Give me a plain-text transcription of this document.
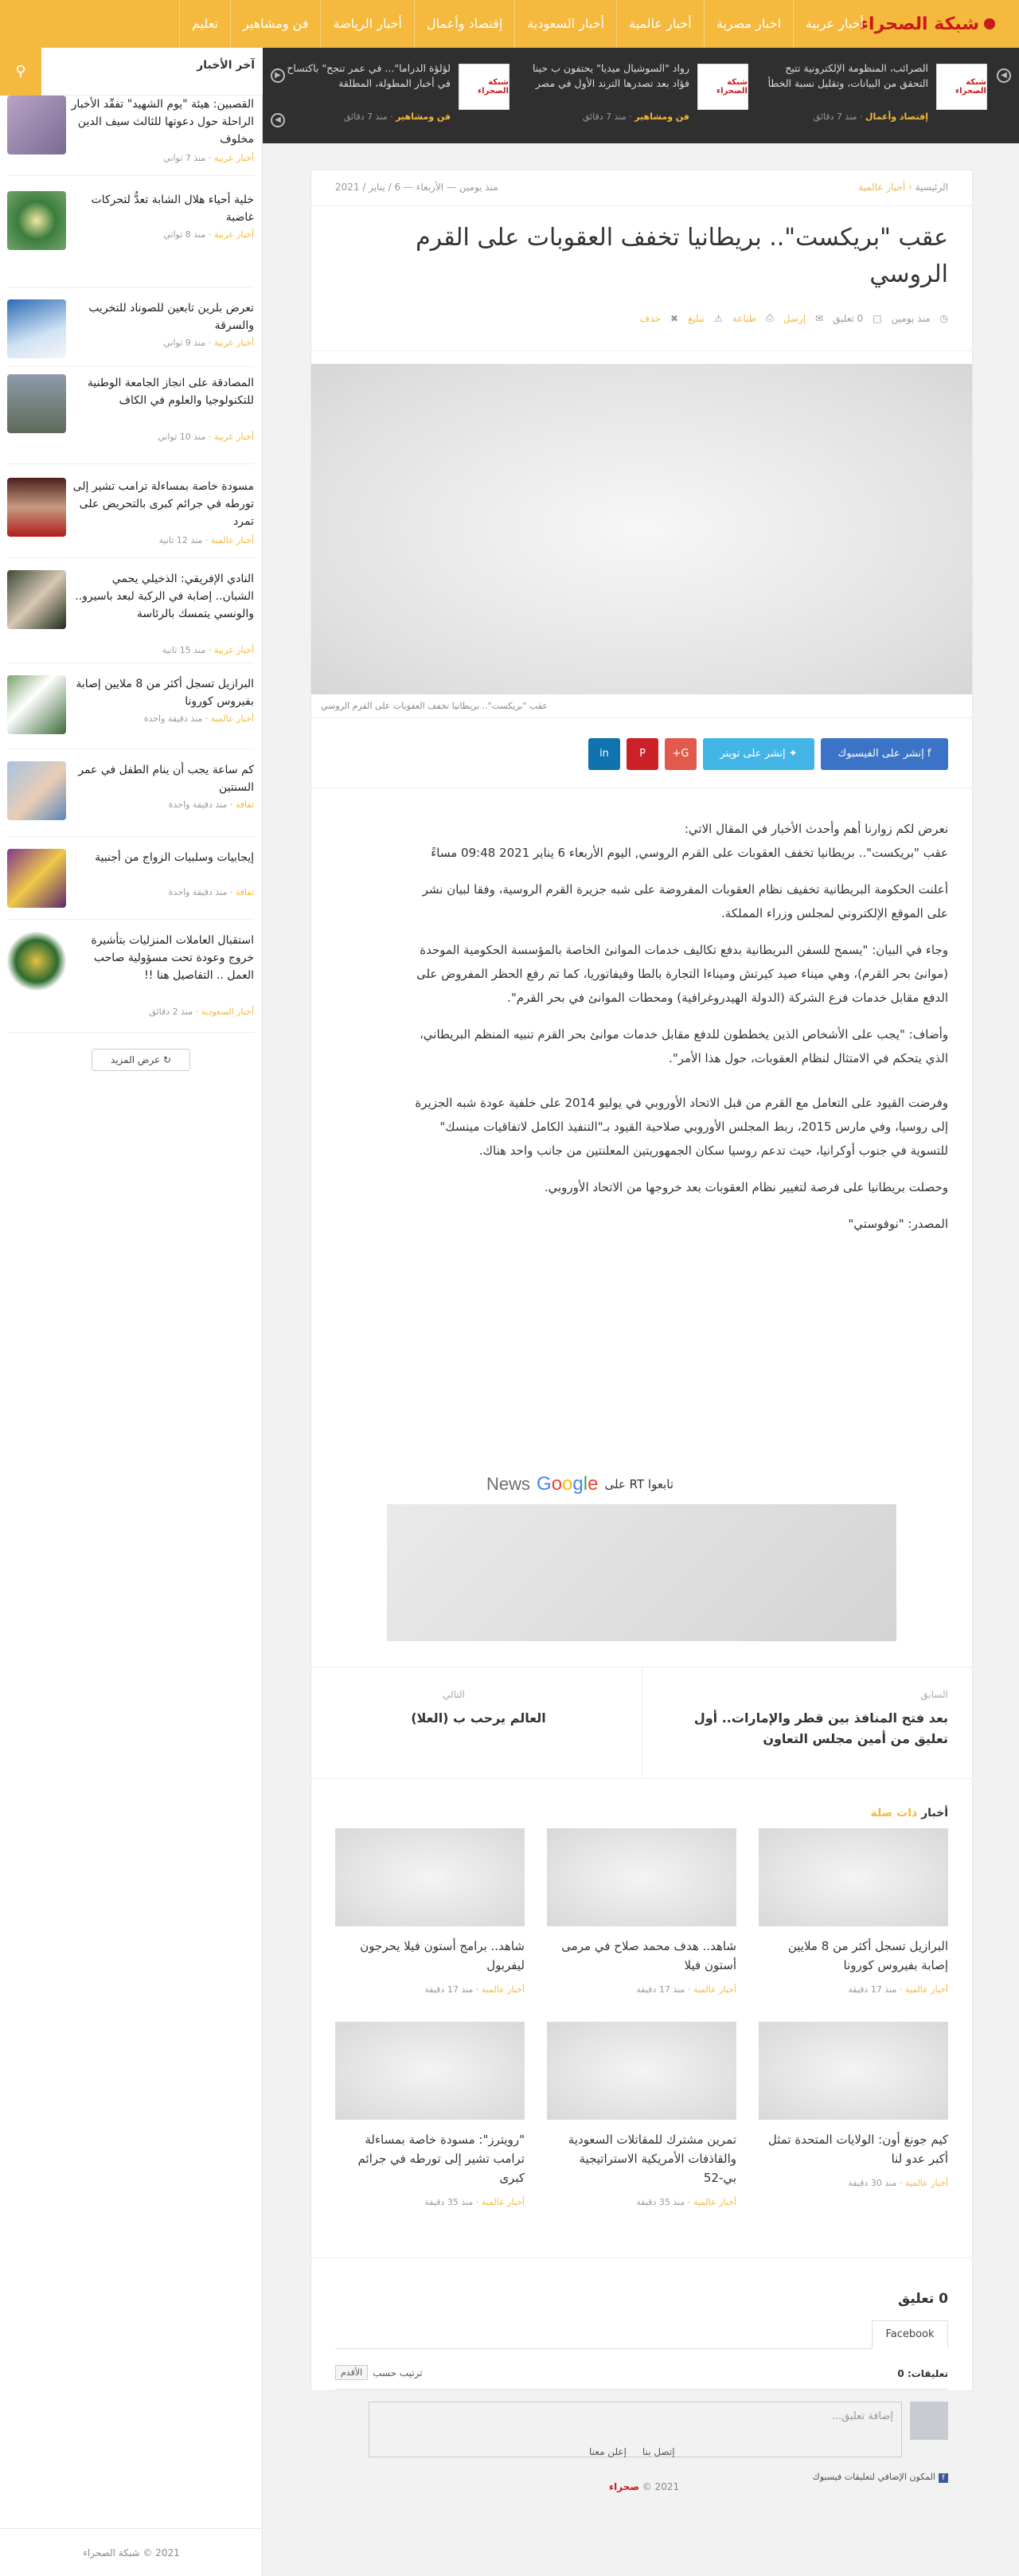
شبكة الصحراء
أخبار عربية
اخبار مصرية
أخبار عالمية
أخبار السعودية
إقتصاد وأعمال
أخبار الرياضة
فن ومشاهير
تعليم
◀
▶
◀
شبكة الصحراء
الصرائب، المنظومة الإلكترونية تتيح التحقق من البيانات، وتقليل نسبة الخطأ
إقتصاد وأعمال · منذ 7 دقائق
شبكة الصحراء
رواد "السوشيال ميديا" يحتفون ب حينا فؤاد بعد تصدرها الترند الأول في مصر
فن ومشاهير · منذ 7 دقائق
شبكة الصحراء
لؤلؤة الدراما"... في عمر تنجح" باكتساح في أخبار المطولة، المطلقة
فن ومشاهير · منذ 7 دقائق
آخر الأخبار
⚲
القصبين: هيئة "يوم الشهيد" تفقّد الأخبار الراحلة حول دعوتها للثالث سيف الدين مخلوف
أخبار عربية · منذ 7 ثواني
خلية أحياء هلال الشابة تعدُّ لتحركات غاضبة
أخبار عربية · منذ 8 ثواني
تعرض بلرين تابعين للصوناد للتخريب والسرقة
أخبار عربية · منذ 9 ثواني
المصادقة على انجاز الجامعة الوطنية للتكنولوجيا والعلوم في الكاف
أخبار عربية · منذ 10 ثواني
مسودة خاصة بمساءلة ترامب تشير إلى تورطه في جرائم كبرى بالتحريض على تمرد
أخبار عالمية · منذ 12 ثانية
النادي الإفريقي: الذخيلي يحمي الشبان.. إصابة في الركبة لبعد باسيرو.. والونسي يتمسك بالرئاسة
أخبار عربية · منذ 15 ثانية
البرازيل تسجل أكثر من 8 ملايين إصابة بفيروس كورونا
أخبار عالمية · منذ دقيقة واحدة
كم ساعة يجب أن ينام الطفل في عمر السنتين
ثقافة · منذ دقيقة واحدة
إيجابيات وسلبيات الزواج من أجنبية
ثقافة · منذ دقيقة واحدة
استقبال العاملات المنزليات بتأشيرة خروج وعودة تحت مسؤولية صاحب العمل .. التفاصيل هنا !!
أخبار السعودية · منذ 2 دقائق
↻ عرض المزيد
2021 © شبكة الصحراء
الرئيسية › أخبار عالمية
منذ يومين — الأربعاء — 6 / يناير / 2021
عقب "بريكست".. بريطانيا تخفف العقوبات على القرم الروسي
◷
منذ يومين
□
0 تعليق
✉
إرسل
⎙
طباعة
⚠
تبليغ
✖
حذف
عقب "بريكست".. بريطانيا تخفف العقوبات على القرم الروسي
f إنشر على الفيسبوك
✦ إنشر على تويتر
G+
P
in

نعرض لكم زوارنا أهم وأحدث الأخبار في المقال الاتي:
عقب "بريكست".. بريطانيا تخفف العقوبات على القرم الروسي, اليوم الأربعاء 6 يناير 2021 09:48 مساءً

أعلنت الحكومة البريطانية تخفيف نظام العقوبات المفروضة على شبه جزيرة القرم الروسية، وفقا لبيان نشر على الموقع الإلكتروني لمجلس وزراء المملكة.

وجاء في البيان: "يسمح للسفن البريطانية بدفع تكاليف خدمات الموانئ الخاصة بالمؤسسة الحكومية الموحدة (موانئ بحر القرم)، وهي ميناء صيد كيرتش وميناءا التجارة بالطا وفيفاتوريا، كما تم رفع الحظر المفروض على الدفع مقابل خدمات فرع الشركة (الدولة الهيدروغرافية) ومحطات الموانئ في بحر القرم".

وأضاف: "يجب على الأشخاص الذين يخططون للدفع مقابل خدمات موانئ بحر القرم تنبيه المنظم البريطاني، الذي يتحكم في الامتثال لنظام العقوبات، حول هذا الأمر".

وفرضت القيود على التعامل مع القرم من قبل الاتحاد الأوروبي في يوليو 2014 على خلفية عودة شبه الجزيرة إلى روسيا، وفي مارس 2015، ربط المجلس الأوروبي صلاحية القيود بـ"التنفيذ الكامل لاتفاقيات مينسك" للتسوية في جنوب أوكرانيا، حيث تدعم روسيا سكان الجمهوريتين المعلنتين من جانب واحد هناك.

وحصلت بريطانيا على فرصة لتغيير نظام العقوبات بعد خروجها من الاتحاد الأوروبي.

المصدر: "نوفوستي"

تابعوا RT على
Google
News
السابق
بعد فتح المنافذ بين قطر والإمارات.. أول تعليق من أمين مجلس التعاون
التالي
العالم يرحب ب (العلا)
أخبار ذات صلة
البرازيل تسجل أكثر من 8 ملايين إصابة بفيروس كورونا
أخبار عالمية · منذ 17 دقيقة
شاهد.. هدف محمد صلاح في مرمى أستون فيلا
أخبار عالمية · منذ 17 دقيقة
شاهد.. برامج أستون فيلا يحرجون ليفربول
أخبار عالمية · منذ 17 دقيقة
كيم جونغ أون: الولايات المتحدة تمثل أكبر عدو لنا
أخبار عالمية · منذ 30 دقيقة
تمرين مشترك للمقاتلات السعودية والقاذفات الأمريكية الاستراتيجية بي-52
أخبار عالمية · منذ 35 دقيقة
"رويترز": مسودة خاصة بمساءلة ترامب تشير إلى تورطه في جرائم كبرى
أخبار عالمية · منذ 35 دقيقة
0 تعليق
Facebook
تعليقات: 0
ترتيب حسب
الأقدم
إضافة تعليق...
fالمكون الإضافي لتعليقات فيسبوك
إتصل بنا
إعلن معنا
2021 © صحراء
